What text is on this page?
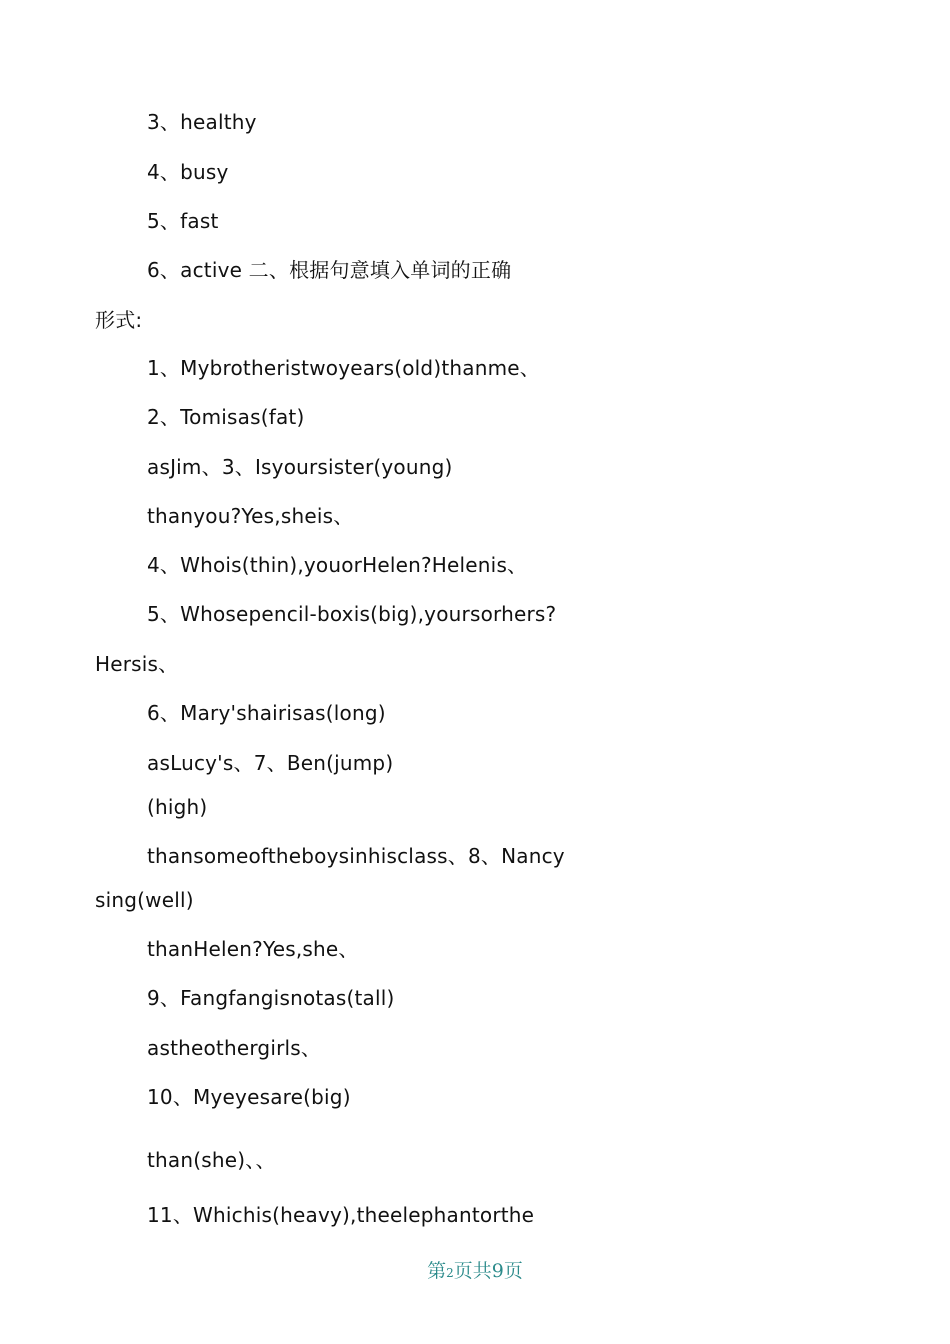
3、healthy
4、busy
5、fast
6、active 二、根据句意填入单词的正确
形式:
1、Mybrotheristwoyears(old)thanme、
2、Tomisas(fat)
asJim、3、Isyoursister(young)
thanyou?Yes,sheis、
4、Whois(thin),youorHelen?Helenis、
5、Whosepencil-boxis(big),yoursorhers?
Hersis、
6、Mary'shairisas(long)
asLucy's、7、Ben(jump)
(high)
thansomeoftheboysinhisclass、8、Nancy
sing(well)
thanHelen?Yes,she、
9、Fangfangisnotas(tall)
astheothergirls、
10、Myeyesare(big)
than(she)、、
11、Whichis(heavy),theelephantorthe
第2页共9页
